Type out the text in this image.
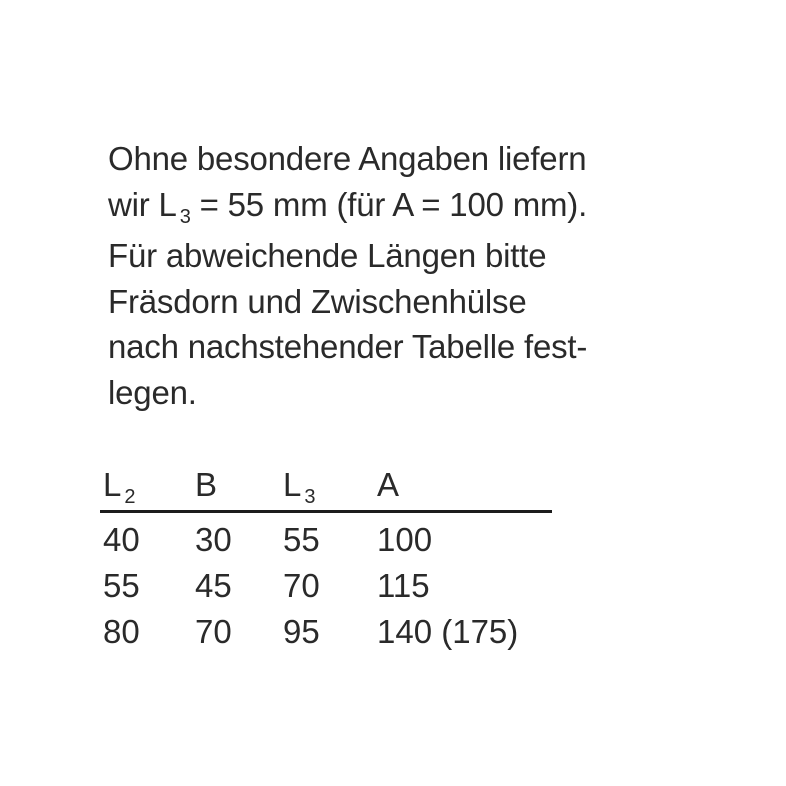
Ohne besondere Angaben liefern
wir L $_3$ = 55 mm (für A = 100 mm).
Für abweichende Längen bitte
Fräsdorn und Zwischenhülse
nach nachstehender Tabelle fest-
legen.
L $_2$ B L $_3$ A
40 30 55 100
55 45 70 115
80 70 95 140 (175)
